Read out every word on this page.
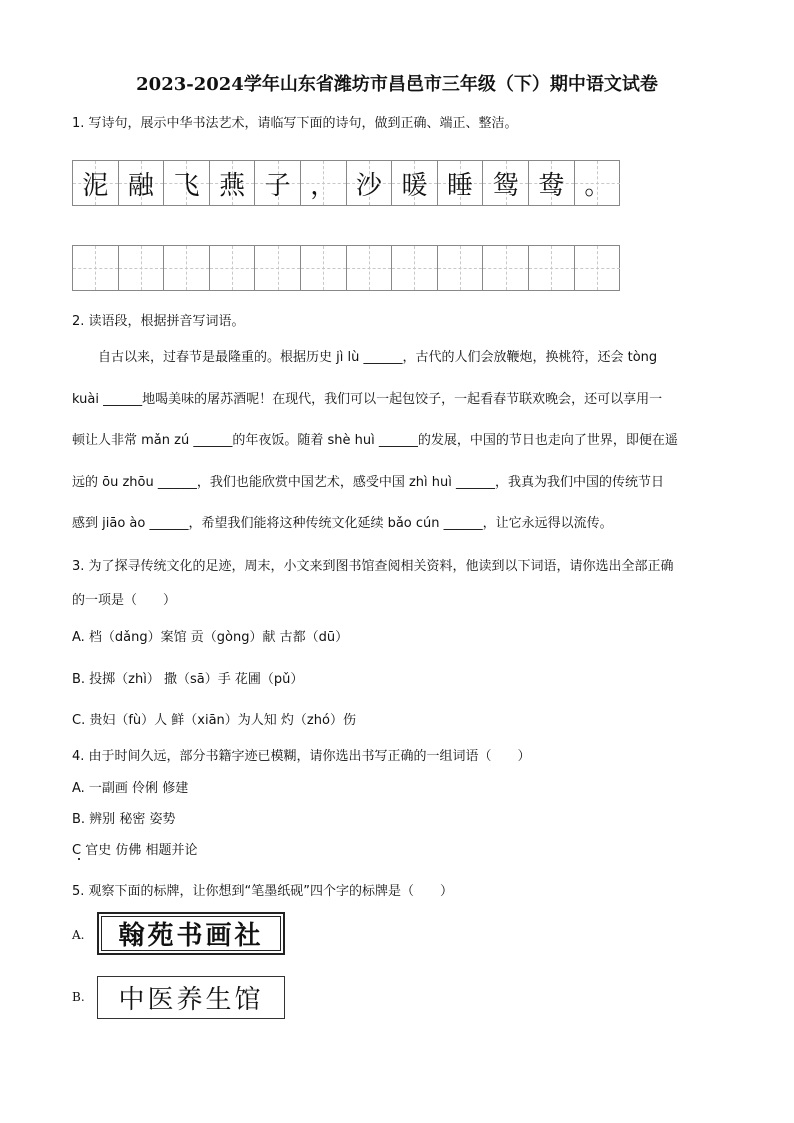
2023-2024学年山东省潍坊市昌邑市三年级（下）期中语文试卷
1. 写诗句，展示中华书法艺术，请临写下面的诗句，做到正确、端正、整洁。
泥 融 飞 燕 子 ， 沙 暖 睡 鸳 鸯 。
2. 读语段，根据拼音写词语。
自古以来，过春节是最隆重的。根据历史 jì lù ______，古代的人们会放鞭炮，换桃符，还会 tòng
kuài ______地喝美味的屠苏酒呢！在现代，我们可以一起包饺子，一起看春节联欢晚会，还可以享用一
顿让人非常 mǎn zú ______的年夜饭。随着 shè huì ______的发展，中国的节日也走向了世界，即便在遥
远的 ōu zhōu ______，我们也能欣赏中国艺术，感受中国 zhì huì ______，我真为我们中国的传统节日
感到 jiāo ào ______，希望我们能将这种传统文化延续 bǎo cún ______，让它永远得以流传。
3. 为了探寻传统文化的足迹，周末，小文来到图书馆查阅相关资料，他读到以下词语，请你选出全部正确
的一项是（　　）
A. 档（dǎng）案馆 贡（gòng）献 古都（dū）
B. 投掷（zhì） 撒（sā）手 花圃（pǔ）
C. 贵妇（fù）人 鲜（xiān）为人知 灼（zhó）伤
4. 由于时间久远，部分书籍字迹已模糊，请你选出书写正确的一组词语（　　）
A. 一副画 伶俐 修建
B. 辨别 秘密 姿势
C 官史 仿佛 相题并论
5. 观察下面的标牌，让你想到“笔墨纸砚”四个字的标牌是（　　）
A.	翰苑书画社
B.	中医养生馆
